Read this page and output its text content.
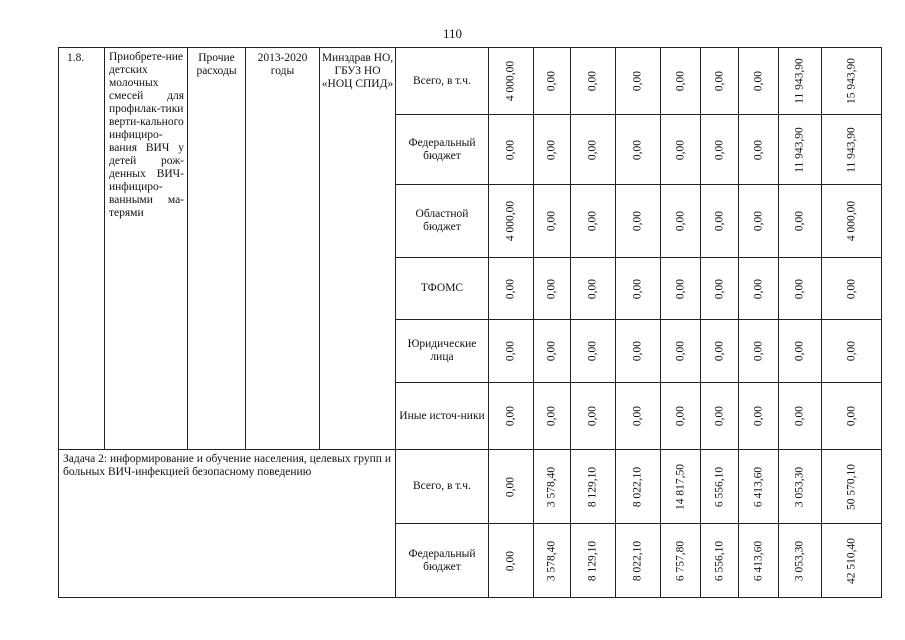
110
1.8.	Приобрете-ние детских молочных смесей для профилак-тики верти-кального инфициро-вания ВИЧ у детей рож-денных ВИЧ-инфициро-ванными ма-терями	Прочие расходы	2013-2020 годы	Минздрав НО, ГБУЗ НО «НОЦ СПИД»	Всего, в т.ч.	4 000,00	0,00	0,00	0,00	0,00	0,00	0,00	11 943,90	15 943,90

					Федеральный бюджет	0,00	0,00	0,00	0,00	0,00	0,00	0,00	11 943,90	11 943,90

					Областной бюджет	4 000,00	0,00	0,00	0,00	0,00	0,00	0,00	0,00	4 000,00

					ТФОМС	0,00	0,00	0,00	0,00	0,00	0,00	0,00	0,00	0,00

					Юридические лица	0,00	0,00	0,00	0,00	0,00	0,00	0,00	0,00	0,00

					Иные источ-ники	0,00	0,00	0,00	0,00	0,00	0,00	0,00	0,00	0,00

Задача 2: информирование и обучение населения, целевых групп и больных ВИЧ-инфекцией безопасному поведению					Всего, в т.ч.	0,00	3 578,40	8 129,10	8 022,10	14 817,50	6 556,10	6 413,60	3 053,30	50 570,10

					Федеральный бюджет	0,00	3 578,40	8 129,10	8 022,10	6 757,80	6 556,10	6 413,60	3 053,30	42 510,40
